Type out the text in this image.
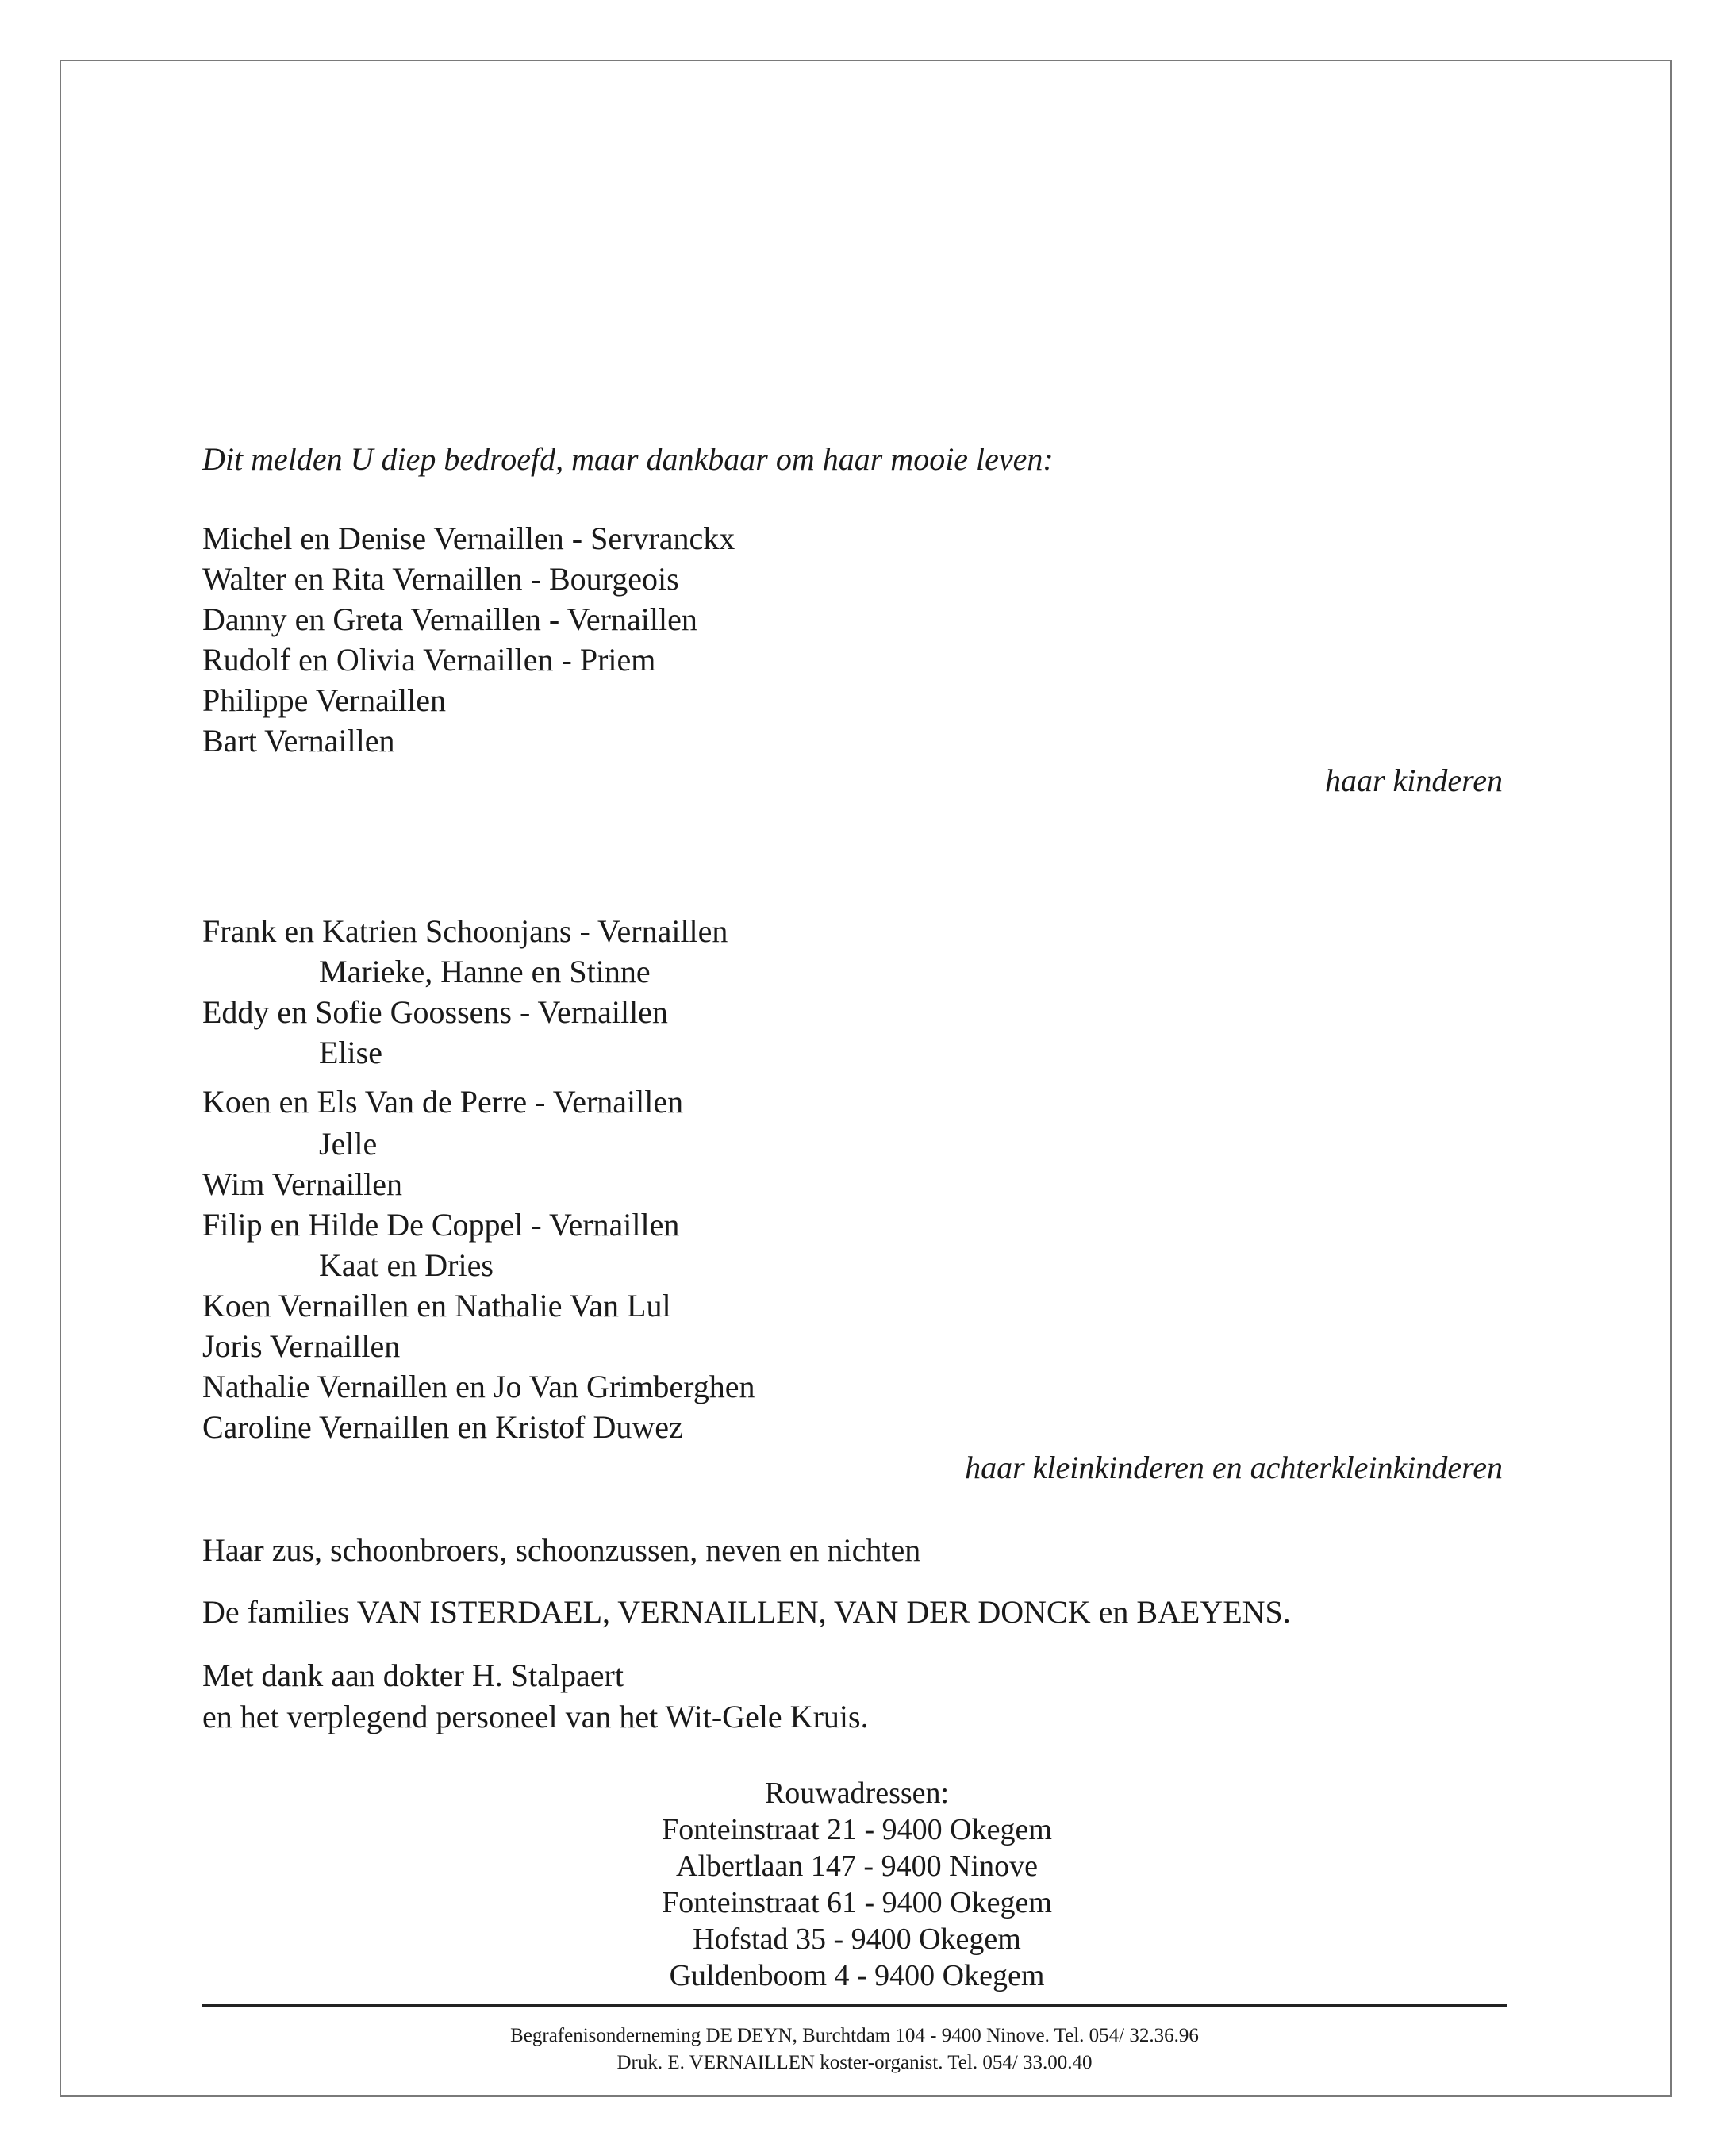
Dit melden U diep bedroefd, maar dankbaar om haar mooie leven:
Michel en Denise Vernaillen - Servranckx
Walter en Rita Vernaillen - Bourgeois
Danny en Greta Vernaillen - Vernaillen
Rudolf en Olivia Vernaillen - Priem
Philippe Vernaillen
Bart Vernaillen
haar kinderen
Frank en Katrien Schoonjans - Vernaillen
Marieke, Hanne en Stinne
Eddy en Sofie Goossens - Vernaillen
Elise
Koen en Els Van de Perre - Vernaillen
Jelle
Wim Vernaillen
Filip en Hilde De Coppel - Vernaillen
Kaat en Dries
Koen Vernaillen en Nathalie Van Lul
Joris Vernaillen
Nathalie Vernaillen en Jo Van Grimberghen
Caroline Vernaillen en Kristof Duwez
haar kleinkinderen en achterkleinkinderen
Haar zus, schoonbroers, schoonzussen, neven en nichten
De families VAN ISTERDAEL, VERNAILLEN, VAN DER DONCK en BAEYENS.
Met dank aan dokter H. Stalpaert
en het verplegend personeel van het Wit-Gele Kruis.
Rouwadressen:
Fonteinstraat 21 - 9400 Okegem
Albertlaan 147 - 9400 Ninove
Fonteinstraat 61 - 9400 Okegem
Hofstad 35 - 9400 Okegem
Guldenboom 4 - 9400 Okegem
Begrafenisonderneming DE DEYN, Burchtdam 104 - 9400 Ninove. Tel. 054/ 32.36.96
Druk. E. VERNAILLEN koster-organist. Tel. 054/ 33.00.40
